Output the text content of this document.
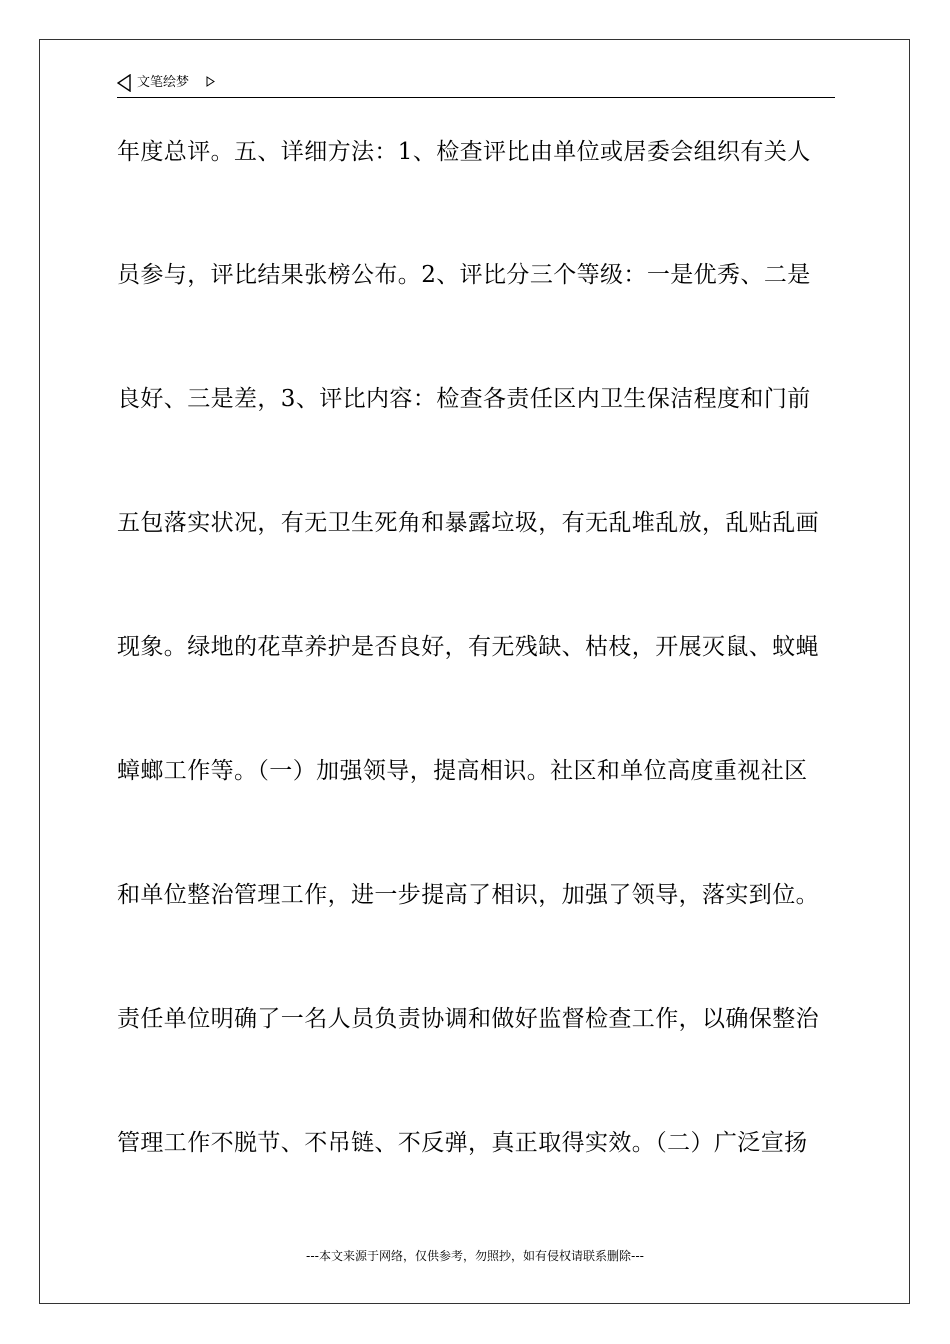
文笔绘梦
年度总评。五、详细方法：1、检查评比由单位或居委会组织有关人
员参与，评比结果张榜公布。2、评比分三个等级：一是优秀、二是
良好、三是差，3、评比内容：检查各责任区内卫生保洁程度和门前
五包落实状况，有无卫生死角和暴露垃圾，有无乱堆乱放，乱贴乱画
现象。绿地的花草养护是否良好，有无残缺、枯枝，开展灭鼠、蚊蝇
蟑螂工作等。（一）加强领导，提高相识。社区和单位高度重视社区
和单位整治管理工作，进一步提高了相识，加强了领导，落实到位。
责任单位明确了一名人员负责协调和做好监督检查工作，以确保整治
管理工作不脱节、不吊链、不反弹，真正取得实效。（二）广泛宣扬
---本文来源于网络，仅供参考，勿照抄，如有侵权请联系删除---
